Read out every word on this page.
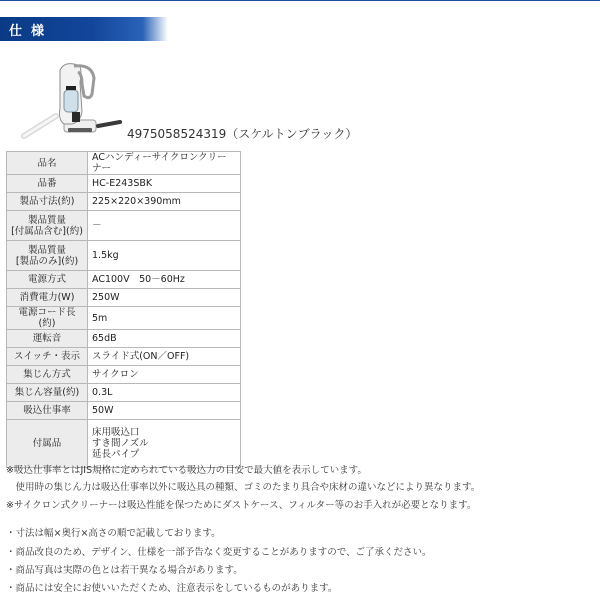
仕様
4975058524319（スケルトンブラック）
品名	ACハンディーサイクロンクリーナー
品番	HC-E243SBK
製品寸法(約)	225×220×390mm

製品質量
[付属品含む](約)	－

製品質量
[製品のみ](約)	1.5kg
電源方式	AC100V　50－60Hz
消費電力(W)	250W
電源コード長(約)	5m
運転音	65dB
スイッチ・表示	スライド式(ON／OFF)
集じん方式	サイクロン
集じん容量(約)	0.3L
吸込仕事率	50W
付属品	床用吸込口
すき間ノズル
延長パイプ
※吸込仕事率とはJIS規格に定められている吸込力の目安で最大値を表示しています。
　使用時の集じん力は吸込仕事率以外に吸込具の種類、ゴミのたまり具合や床材の違いなどにより異なります。
※サイクロン式クリーナーは吸込性能を保つためにダストケース、フィルター等のお手入れが必要となります。
・寸法は幅×奥行×高さの順で記載しております。
・商品改良のため、デザイン、仕様を一部予告なく変更することがありますので、ご了承ください。
・商品写真は実際の色とは若干異なる場合があります。
・商品には安全にお使いいただくため、注意表示をしているものがあります。
